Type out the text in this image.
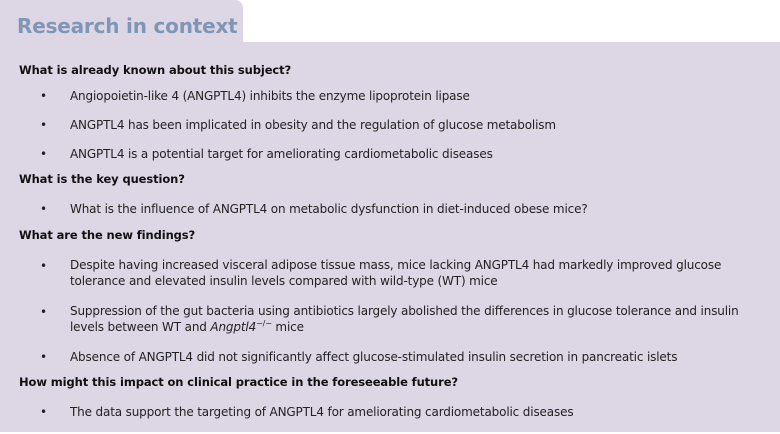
Research in context
What is already known about this subject?
• Angiopoietin-like 4 (ANGPTL4) inhibits the enzyme lipoprotein lipase
• ANGPTL4 has been implicated in obesity and the regulation of glucose metabolism
• ANGPTL4 is a potential target for ameliorating cardiometabolic diseases
What is the key question?
• What is the influence of ANGPTL4 on metabolic dysfunction in diet-induced obese mice?
What are the new findings?
• Despite having increased visceral adipose tissue mass, mice lacking ANGPTL4 had markedly improved glucose tolerance and elevated insulin levels compared with wild-type (WT) mice
• Suppression of the gut bacteria using antibiotics largely abolished the differences in glucose tolerance and insulin levels between WT and Angptl4−/− mice
• Absence of ANGPTL4 did not significantly affect glucose-stimulated insulin secretion in pancreatic islets
How might this impact on clinical practice in the foreseeable future?
• The data support the targeting of ANGPTL4 for ameliorating cardiometabolic diseases
